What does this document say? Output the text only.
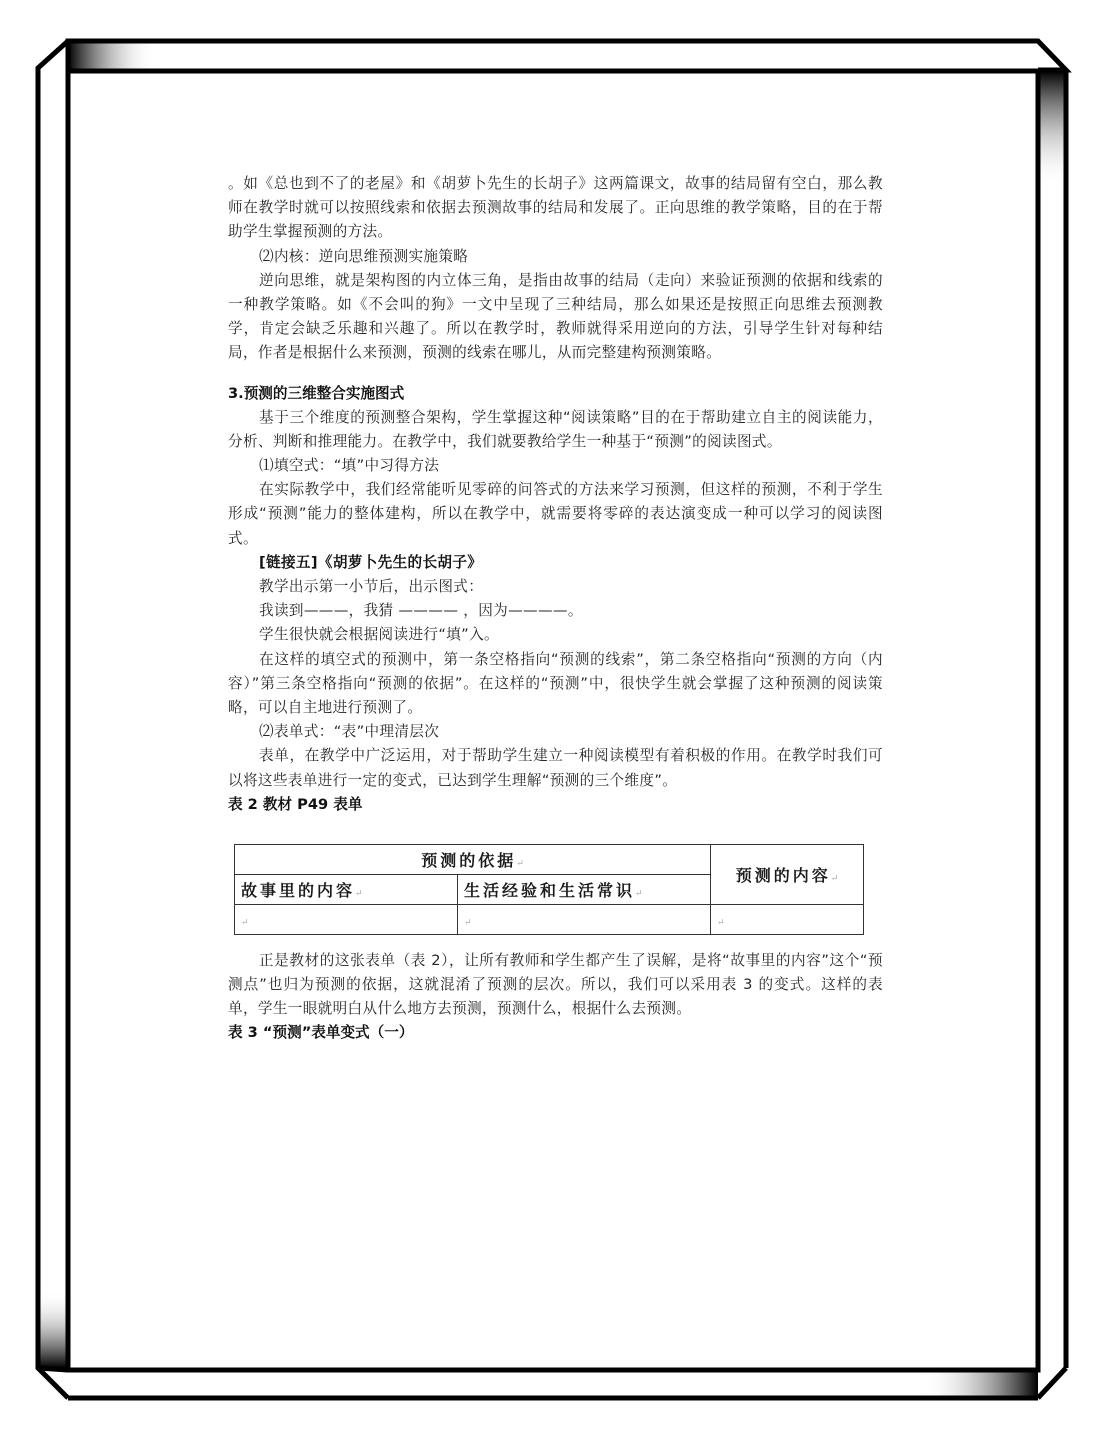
。如《总也到不了的老屋》和《胡萝卜先生的长胡子》这两篇课文，故事的结局留有空白，那么教师在教学时就可以按照线索和依据去预测故事的结局和发展了。正向思维的教学策略，目的在于帮助学生掌握预测的方法。

⑵内核：逆向思维预测实施策略

逆向思维，就是架构图的内立体三角，是指由故事的结局（走向）来验证预测的依据和线索的一种教学策略。如《不会叫的狗》一文中呈现了三种结局，那么如果还是按照正向思维去预测教学，肯定会缺乏乐趣和兴趣了。所以在教学时，教师就得采用逆向的方法，引导学生针对每种结局，作者是根据什么来预测，预测的线索在哪儿，从而完整建构预测策略。

3.预测的三维整合实施图式

基于三个维度的预测整合架构，学生掌握这种“阅读策略”目的在于帮助建立自主的阅读能力，分析、判断和推理能力。在教学中，我们就要教给学生一种基于“预测”的阅读图式。

⑴填空式：“填”中习得方法

在实际教学中，我们经常能听见零碎的问答式的方法来学习预测，但这样的预测，不利于学生形成“预测”能力的整体建构，所以在教学中，就需要将零碎的表达演变成一种可以学习的阅读图式。

[链接五]《胡萝卜先生的长胡子》

教学出示第一小节后，出示图式：

我读到———，我猜 ———— ，因为————。

学生很快就会根据阅读进行“填”入。

在这样的填空式的预测中，第一条空格指向“预测的线索”，第二条空格指向“预测的方向（内容）”第三条空格指向“预测的依据”。在这样的“预测”中，很快学生就会掌握了这种预测的阅读策略，可以自主地进行预测了。

⑵表单式：“表”中理清层次

表单，在教学中广泛运用，对于帮助学生建立一种阅读模型有着积极的作用。在教学时我们可以将这些表单进行一定的变式，已达到学生理解“预测的三个维度”。

表 2 教材 P49 表单

预测的依据↵		预测的内容↵
故事里的内容↵	生活经验和生活常识↵	
↵	↵	↵

正是教材的这张表单（表 2），让所有教师和学生都产生了误解，是将“故事里的内容”这个“预测点”也归为预测的依据，这就混淆了预测的层次。所以，我们可以采用表 3 的变式。这样的表单，学生一眼就明白从什么地方去预测，预测什么，根据什么去预测。

表 3 “预测”表单变式（一）
